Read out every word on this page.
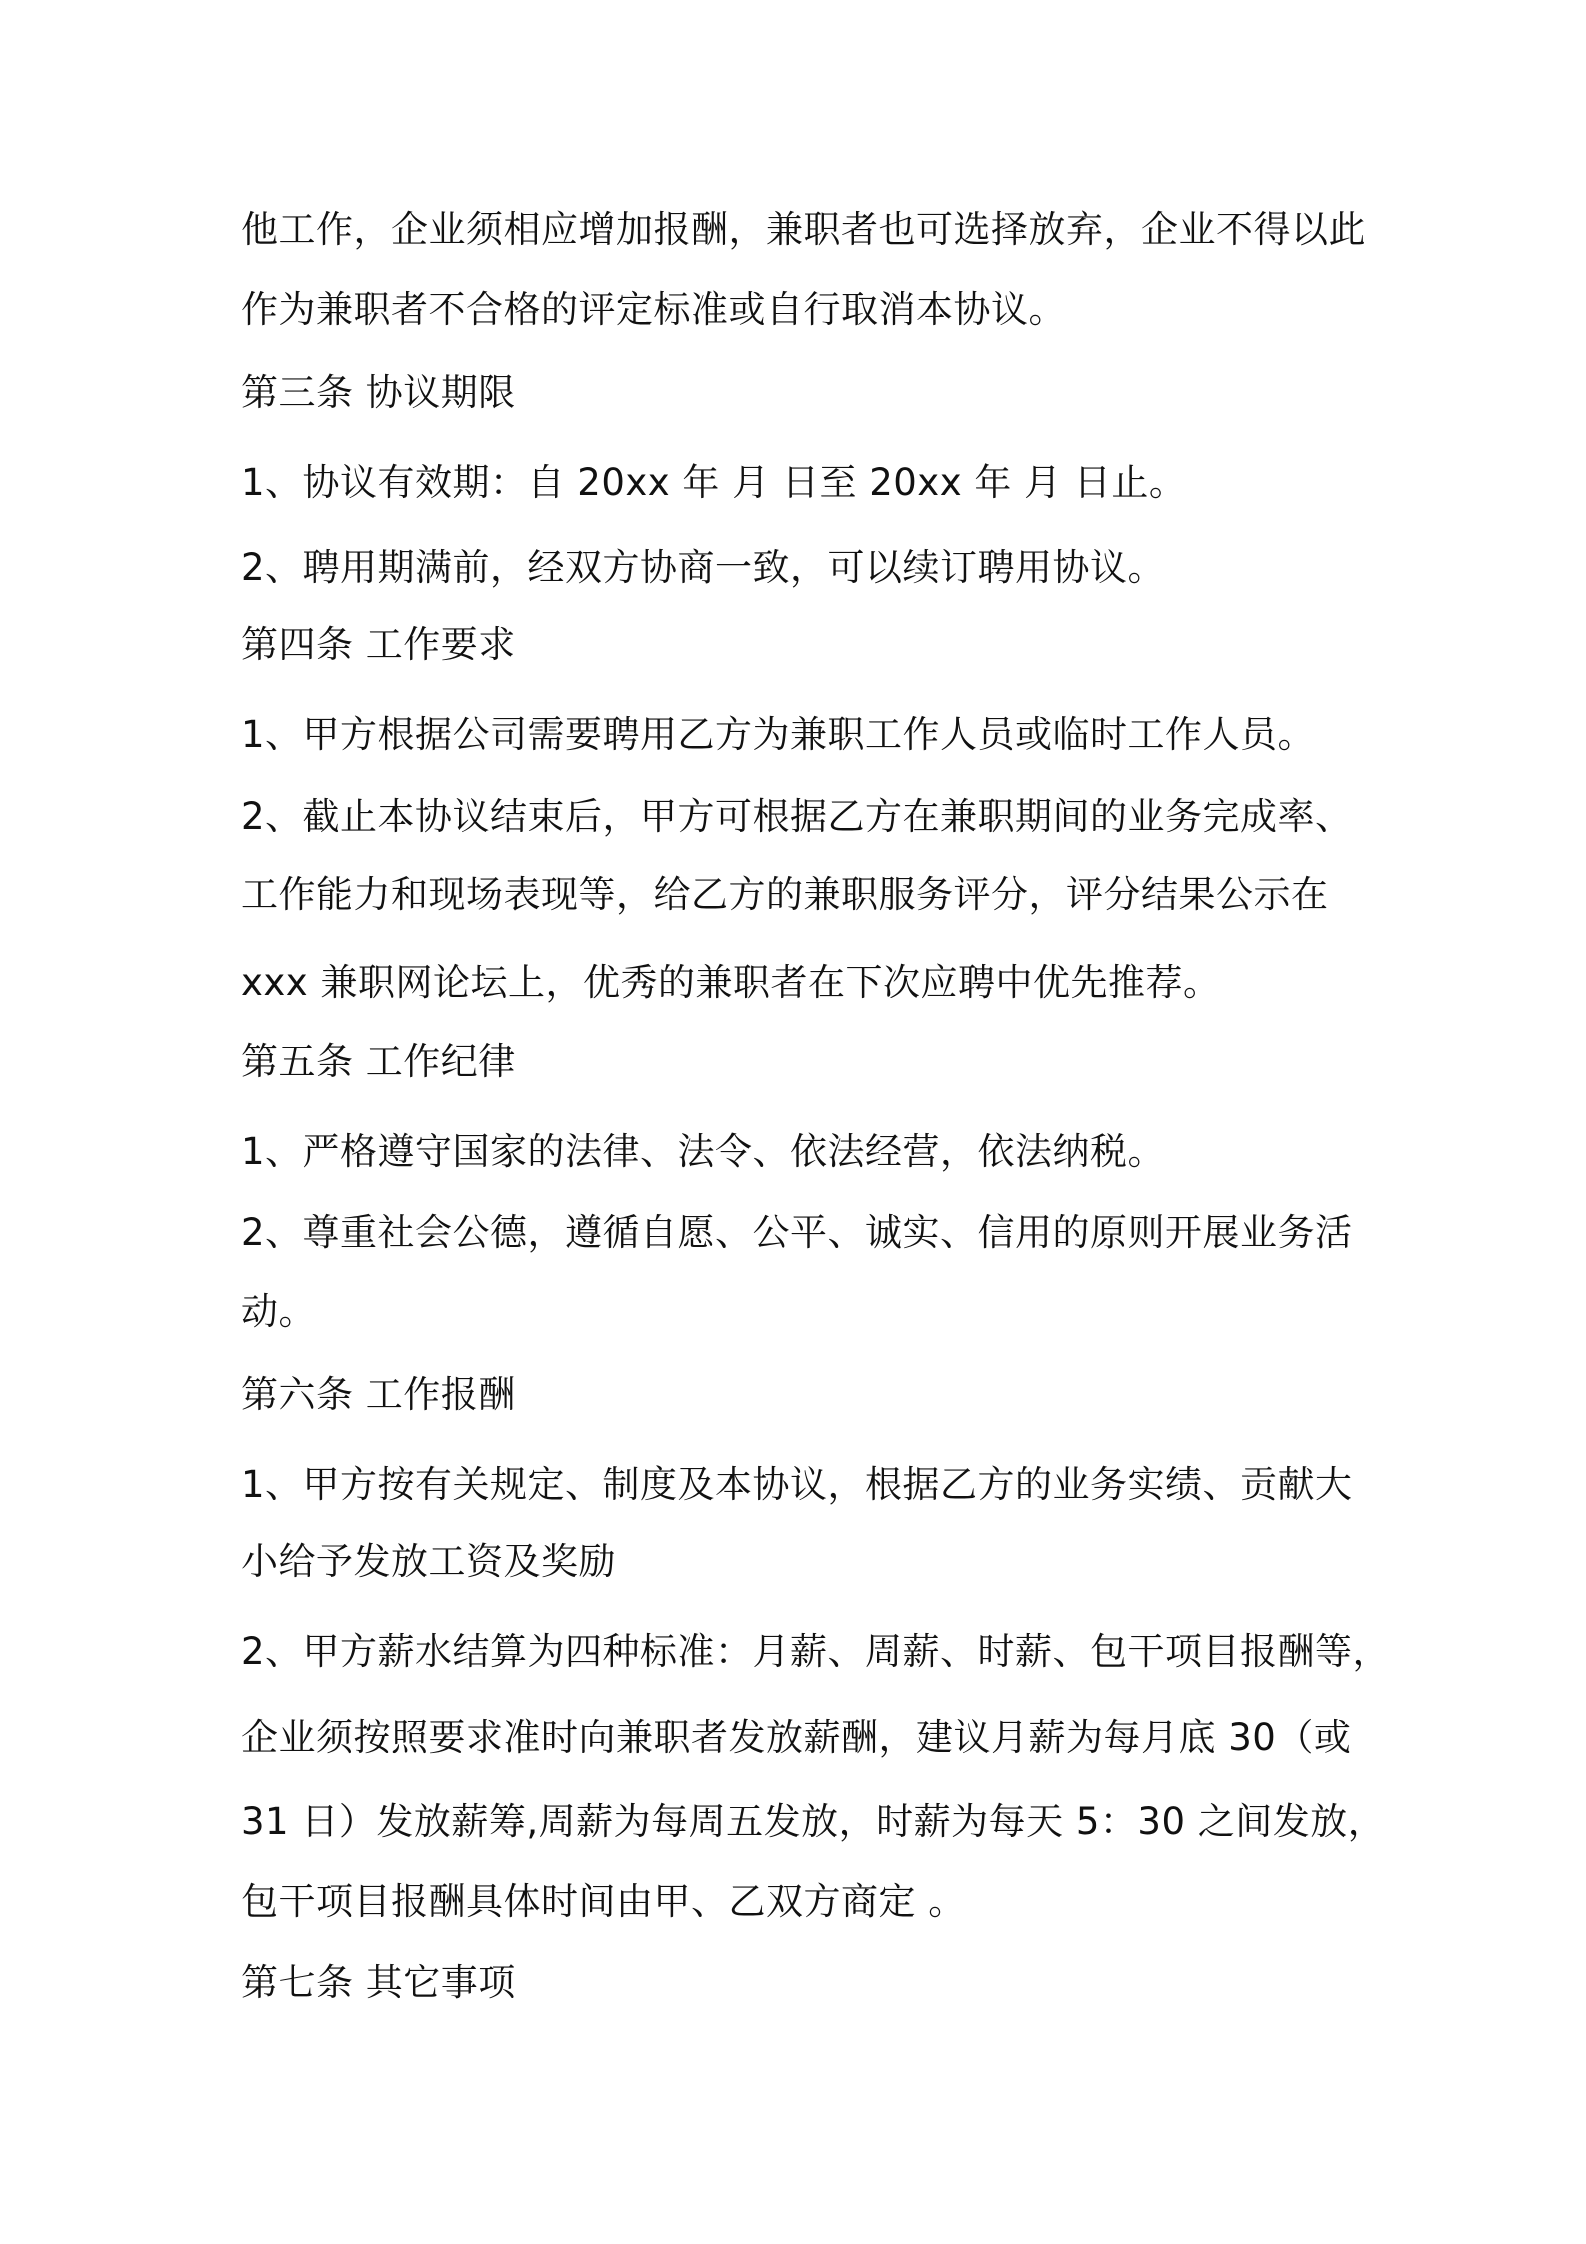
他工作，企业须相应增加报酬，兼职者也可选择放弃，企业不得以此
作为兼职者不合格的评定标准或自行取消本协议。
第三条 协议期限
1、协议有效期：自 20xx 年 月 日至 20xx 年 月 日止。
2、聘用期满前，经双方协商一致，可以续订聘用协议。
第四条 工作要求
1、甲方根据公司需要聘用乙方为兼职工作人员或临时工作人员。
2、截止本协议结束后，甲方可根据乙方在兼职期间的业务完成率、
工作能力和现场表现等，给乙方的兼职服务评分，评分结果公示在
xxx 兼职网论坛上，优秀的兼职者在下次应聘中优先推荐。
第五条 工作纪律
1、严格遵守国家的法律、法令、依法经营，依法纳税。
2、尊重社会公德，遵循自愿、公平、诚实、信用的原则开展业务活
动。
第六条 工作报酬
1、甲方按有关规定、制度及本协议，根据乙方的业务实绩、贡献大
小给予发放工资及奖励
2、甲方薪水结算为四种标准：月薪、周薪、时薪、包干项目报酬等，
企业须按照要求准时向兼职者发放薪酬，建议月薪为每月底 30（或
31 日）发放薪筹,周薪为每周五发放，时薪为每天 5：30 之间发放，
包干项目报酬具体时间由甲、乙双方商定 。
第七条 其它事项
